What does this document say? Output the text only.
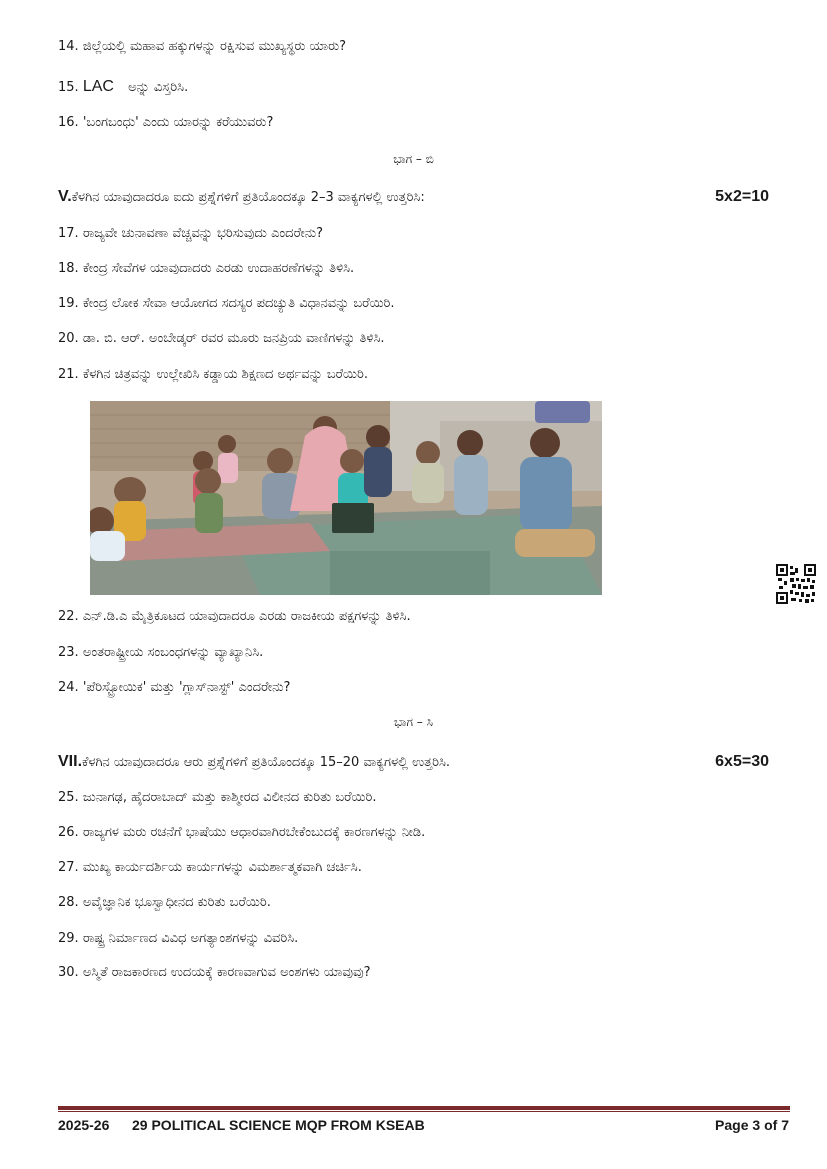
14. ಜಿಲ್ಲೆಯಲ್ಲಿ ಮಹಾವ ಹಕ್ಕುಗಳನ್ನು ರಕ್ಷಿಸುವ ಮುಖ್ಯಸ್ಥರು ಯಾರು?
15. LAC ಅನ್ನು ವಿಸ್ತರಿಸಿ.
16. 'ಬಂಗಬಂಧು' ಎಂದು ಯಾರನ್ನು ಕರೆಯುವರು?
ಭಾಗ – ಬಿ
V.ಕೆಳಗಿನ ಯಾವುದಾದರೂ ಐದು ಪ್ರಶ್ನೆಗಳಿಗೆ ಪ್ರತಿಯೊಂದಕ್ಕೂ 2–3 ವಾಕ್ಯಗಳಲ್ಲಿ ಉತ್ತರಿಸಿ:	5x2=10
17. ರಾಜ್ಯವೇ ಚುನಾವಣಾ ವೆಚ್ಚವನ್ನು ಭರಿಸುವುದು ಎಂದರೇನು?
18. ಕೇಂದ್ರ ಸೇವೆಗಳ ಯಾವುದಾದರು ಎರಡು ಉದಾಹರಣೆಗಳನ್ನು ತಿಳಿಸಿ.
19. ಕೇಂದ್ರ ಲೋಕ ಸೇವಾ ಆಯೋಗದ ಸದಸ್ಯರ ಪದಚ್ಯುತಿ ವಿಧಾನವನ್ನು ಬರೆಯಿರಿ.
20. ಡಾ. ಬಿ. ಆರ್. ಅಂಬೇಡ್ಕರ್ ರವರ ಮೂರು ಜನಪ್ರಿಯ ವಾಣಿಗಳನ್ನು ತಿಳಿಸಿ.
21. ಕೆಳಗಿನ ಚಿತ್ರವನ್ನು ಉಲ್ಲೇಖಿಸಿ ಕಡ್ಡಾಯ ಶಿಕ್ಷಣದ ಅರ್ಥವನ್ನು ಬರೆಯಿರಿ.
22. ಎನ್.ಡಿ.ಎ ಮೈತ್ರಿಕೂಟದ ಯಾವುದಾದರೂ ಎರಡು ರಾಜಕೀಯ ಪಕ್ಷಗಳನ್ನು ತಿಳಿಸಿ.
23. ಅಂತರಾಷ್ಟ್ರೀಯ ಸಂಬಂಧಗಳನ್ನು ವ್ಯಾಖ್ಯಾನಿಸಿ.
24. 'ಪೆರಿಸ್ಟ್ರೋಯಿಕ' ಮತ್ತು 'ಗ್ಲಾಸ್‌ನಾಸ್ಟ್' ಎಂದರೇನು?
ಭಾಗ – ಸಿ
VII.ಕೆಳಗಿನ ಯಾವುದಾದರೂ ಆರು ಪ್ರಶ್ನೆಗಳಿಗೆ ಪ್ರತಿಯೊಂದಕ್ಕೂ 15–20 ವಾಕ್ಯಗಳಲ್ಲಿ ಉತ್ತರಿಸಿ.	6x5=30
25. ಜುನಾಗಢ, ಹೈದರಾಬಾದ್ ಮತ್ತು ಕಾಶ್ಮೀರದ ವಿಲೀನದ ಕುರಿತು ಬರೆಯಿರಿ.
26. ರಾಜ್ಯಗಳ ಮರು ರಚನೆಗೆ ಭಾಷೆಯು ಆಧಾರವಾಗಿರಬೇಕೆಂಬುದಕ್ಕೆ ಕಾರಣಗಳನ್ನು ನೀಡಿ.
27. ಮುಖ್ಯ ಕಾರ್ಯದರ್ಶಿಯ ಕಾರ್ಯಗಳನ್ನು ವಿಮರ್ಶಾತ್ಮಕವಾಗಿ ಚರ್ಚಿಸಿ.
28. ಅವೈಜ್ಞಾನಿಕ ಭೂಸ್ವಾಧೀನದ ಕುರಿತು ಬರೆಯಿರಿ.
29. ರಾಷ್ಟ್ರ ನಿರ್ಮಾಣದ ವಿವಿಧ ಅಗತ್ಯಾಂಶಗಳನ್ನು ವಿವರಿಸಿ.
30. ಅಸ್ಮಿತೆ ರಾಜಕಾರಣದ ಉದಯಕ್ಕೆ ಕಾರಣವಾಗುವ ಅಂಶಗಳು ಯಾವುವು?
2025-26 29 POLITICAL SCIENCE MQP FROM KSEAB	Page 3 of 7
